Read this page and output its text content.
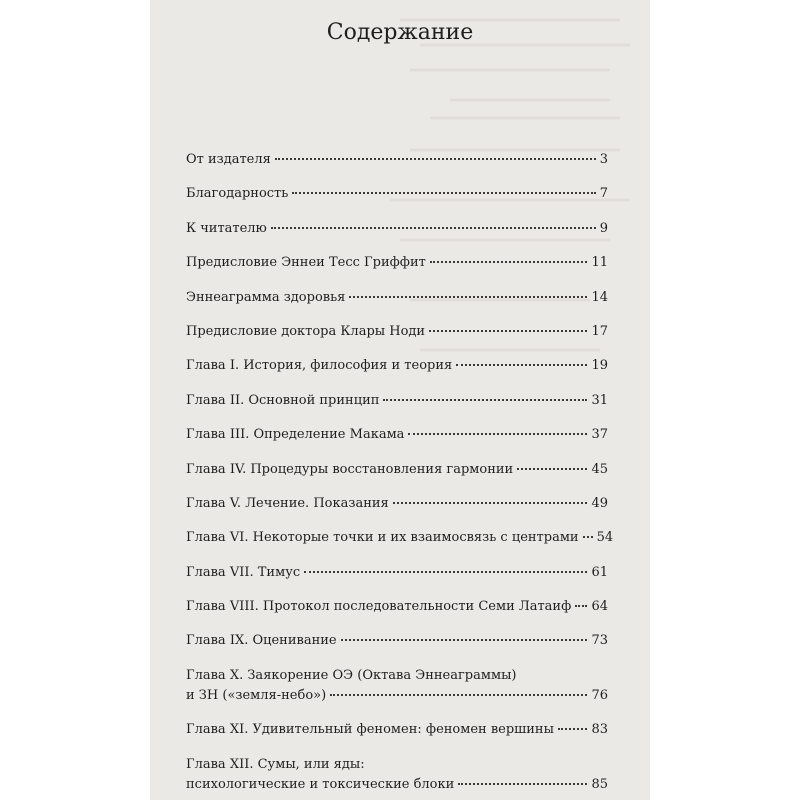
Содержание
От издателя	3
Благодарность	7
К читателю	9
Предисловие Эннеи Тесс Гриффит	11
Эннеаграмма здоровья	14
Предисловие доктора Клары Ноди	17
Глава I. История, философия и теория	19
Глава II. Основной принцип	31
Глава III. Определение Макама	37
Глава IV. Процедуры восстановления гармонии	45
Глава V. Лечение. Показания	49
Глава VI. Некоторые точки и их взаимосвязь с центрами 54
Глава VII. Тимус	61
Глава VIII. Протокол последовательности Семи Латаиф 64
Глава IX. Оценивание	73
Глава X. Заякорение ОЭ (Октава Эннеаграммы)
и ЗН («земля-небо»)	76
Глава XI. Удивительный феномен: феномен вершины	83
Глава XII. Сумы, или яды:
психологические и токсические блоки	85
